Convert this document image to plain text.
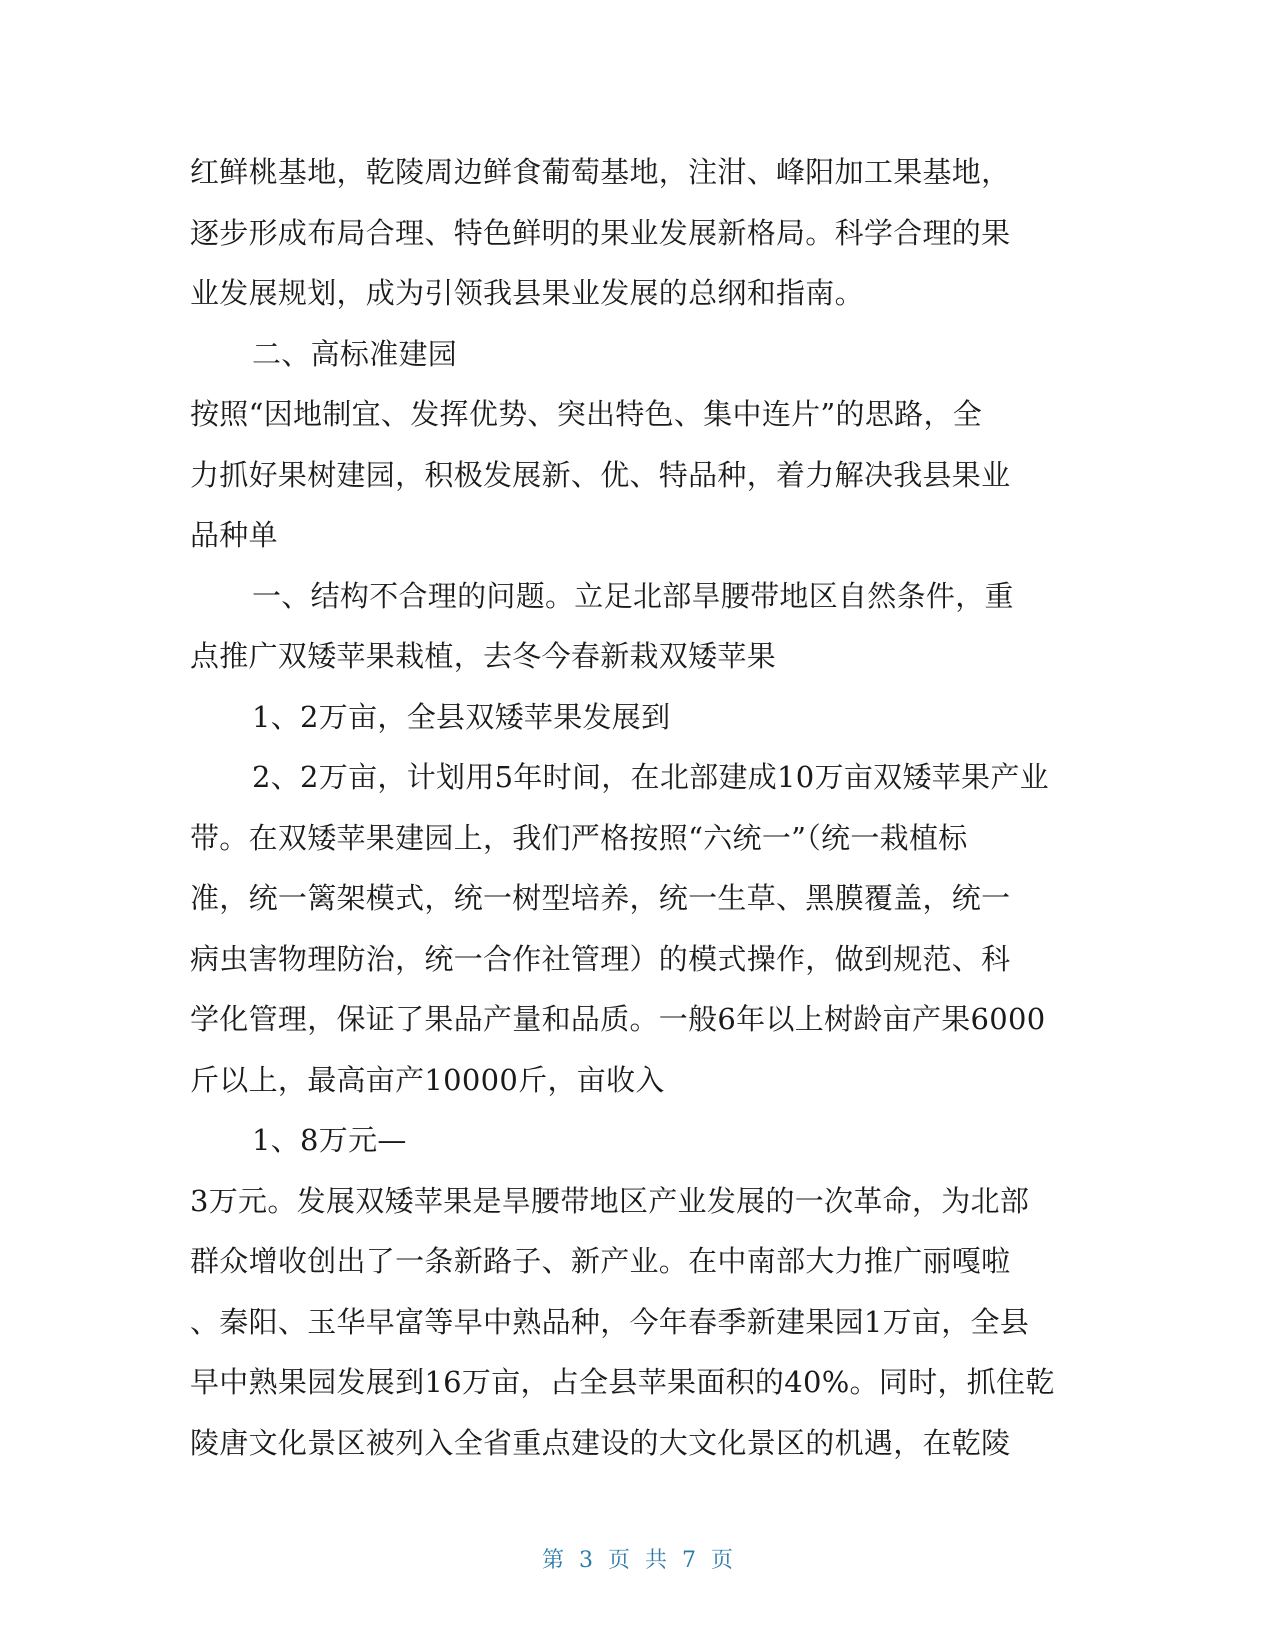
红鲜桃基地，乾陵周边鲜食葡萄基地，注泔、峰阳加工果基地，
逐步形成布局合理、特色鲜明的果业发展新格局。科学合理的果
业发展规划，成为引领我县果业发展的总纲和指南。
二、高标准建园
按照“因地制宜、发挥优势、突出特色、集中连片”的思路，全
力抓好果树建园，积极发展新、优、特品种，着力解决我县果业
品种单
一、结构不合理的问题。立足北部旱腰带地区自然条件，重
点推广双矮苹果栽植，去冬今春新栽双矮苹果
1、2万亩，全县双矮苹果发展到
2、2万亩，计划用5年时间，在北部建成10万亩双矮苹果产业
带。在双矮苹果建园上，我们严格按照“六统一”（统一栽植标
准，统一篱架模式，统一树型培养，统一生草、黑膜覆盖，统一
病虫害物理防治，统一合作社管理）的模式操作，做到规范、科
学化管理，保证了果品产量和品质。一般6年以上树龄亩产果6000
斤以上，最高亩产10000斤，亩收入
1、8万元—
3万元。发展双矮苹果是旱腰带地区产业发展的一次革命，为北部
群众增收创出了一条新路子、新产业。在中南部大力推广丽嘎啦
、秦阳、玉华早富等早中熟品种，今年春季新建果园1万亩，全县
早中熟果园发展到16万亩，占全县苹果面积的40%。同时，抓住乾
陵唐文化景区被列入全省重点建设的大文化景区的机遇，在乾陵
第 3 页 共 7 页
